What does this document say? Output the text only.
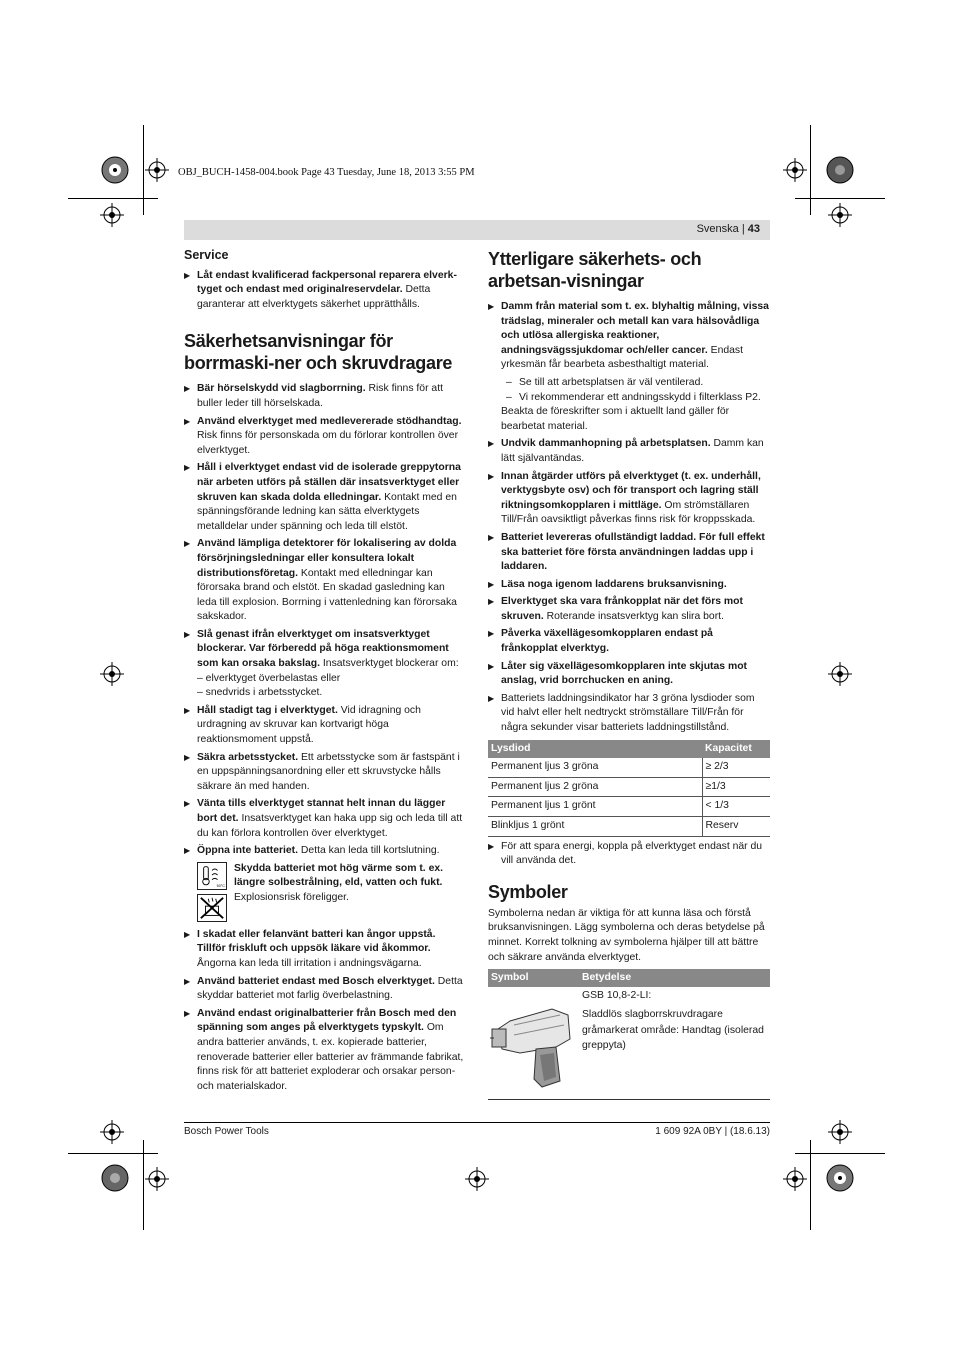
OBJ_BUCH-1458-004.book Page 43 Tuesday, June 18, 2013 3:55 PM
Svenska | 43
Service
▶ Låt endast kvalificerad fackpersonal reparera elverk-tyget och endast med originalreservdelar. Detta garanterar att elverktygets säkerhet upprätthålls.
Säkerhetsanvisningar för borrmaski-ner och skruvdragare
▶ Bär hörselskydd vid slagborrning. Risk finns för att buller leder till hörselskada.
▶ Använd elverktyget med medlevererade stödhandtag. Risk finns för personskada om du förlorar kontrollen över elverktyget.
▶ Håll i elverktyget endast vid de isolerade greppytorna när arbeten utförs på ställen där insatsverktyget eller skruven kan skada dolda elledningar. Kontakt med en spänningsförande ledning kan sätta elverktygets metalldelar under spänning och leda till elstöt.
▶ Använd lämpliga detektorer för lokalisering av dolda försörjningsledningar eller konsultera lokalt distributionsföretag. Kontakt med elledningar kan förorsaka brand och elstöt. En skadad gasledning kan leda till explosion. Borrning i vattenledning kan förorsaka sakskador.
▶ Slå genast ifrån elverktyget om insatsverktyget blockerar. Var förberedd på höga reaktionsmoment som kan orsaka bakslag. Insatsverktyget blockerar om:
– elverktyget överbelastas eller
– snedvrids i arbetsstycket.
▶ Håll stadigt tag i elverktyget. Vid idragning och urdragning av skruvar kan kortvarigt höga reaktionsmoment uppstå.
▶ Säkra arbetsstycket. Ett arbetsstycke som är fastspänt i en uppspänningsanordning eller ett skruvstycke hålls säkrare än med handen.
▶ Vänta tills elverktyget stannat helt innan du lägger bort det. Insatsverktyget kan haka upp sig och leda till att du kan förlora kontrollen över elverktyget.
▶ Öppna inte batteriet. Detta kan leda till kortslutning.
50°C
Skydda batteriet mot hög värme som t. ex. längre solbestrålning, eld, vatten och fukt. Explosionsrisk föreligger.
▶ I skadat eller felanvänt batteri kan ångor uppstå. Tillför friskluft och uppsök läkare vid åkommor. Ångorna kan leda till irritation i andningsvägarna.
▶ Använd batteriet endast med Bosch elverktyget. Detta skyddar batteriet mot farlig överbelastning.
▶ Använd endast originalbatterier från Bosch med den spänning som anges på elverktygets typskylt. Om andra batterier används, t. ex. kopierade batterier, renoverade batterier eller batterier av främmande fabrikat, finns risk för att batteriet exploderar och orsakar person- och materialskador.
Ytterligare säkerhets- och arbetsan-visningar
▶ Damm från material som t. ex. blyhaltig målning, vissa trädslag, mineraler och metall kan vara hälsovådliga och utlösa allergiska reaktioner, andningsvägssjukdomar och/eller cancer. Endast yrkesmän får bearbeta asbesthaltigt material.
– Se till att arbetsplatsen är väl ventilerad.
– Vi rekommenderar ett andningsskydd i filterklass P2.
Beakta de föreskrifter som i aktuellt land gäller för bearbetat material.
▶ Undvik dammanhopning på arbetsplatsen. Damm kan lätt självantändas.
▶ Innan åtgärder utförs på elverktyget (t. ex. underhåll, verktygsbyte osv) och för transport och lagring ställ riktningsomkopplaren i mittläge. Om strömställaren Till/Från oavsiktligt påverkas finns risk för kroppsskada.
▶ Batteriet levereras ofullständigt laddad. För full effekt ska batteriet före första användningen laddas upp i laddaren.
▶ Läsa noga igenom laddarens bruksanvisning.
▶ Elverktyget ska vara frånkopplat när det förs mot skruven. Roterande insatsverktyg kan slira bort.
▶ Påverka växellägesomkopplaren endast på frånkopplat elverktyg.
▶ Låter sig växellägesomkopplaren inte skjutas mot anslag, vrid borrchucken en aning.
▶ Batteriets laddningsindikator har 3 gröna lysdioder som vid halvt eller helt nedtryckt strömställare Till/Från för några sekunder visar batteriets laddningstillstånd.
Lysdiod	Kapacitet
Permanent ljus 3 gröna	≥ 2/3
Permanent ljus 2 gröna	≥1/3
Permanent ljus 1 grönt	< 1/3
Blinkljus 1 grönt	Reserv
▶ För att spara energi, koppla på elverktyget endast när du vill använda det.
Symboler
Symbolerna nedan är viktiga för att kunna läsa och förstå bruksanvisningen. Lägg symbolerna och deras betydelse på minnet. Korrekt tolkning av symbolerna hjälper till att bättre och säkrare använda elverktyget.
Symbol	Betydelse
GSB 10,8-2-LI:
Sladdlös slagborrskruvdragare
gråmarkerat område: Handtag (isolerad greppyta)
Bosch Power Tools	1 609 92A 0BY | (18.6.13)
